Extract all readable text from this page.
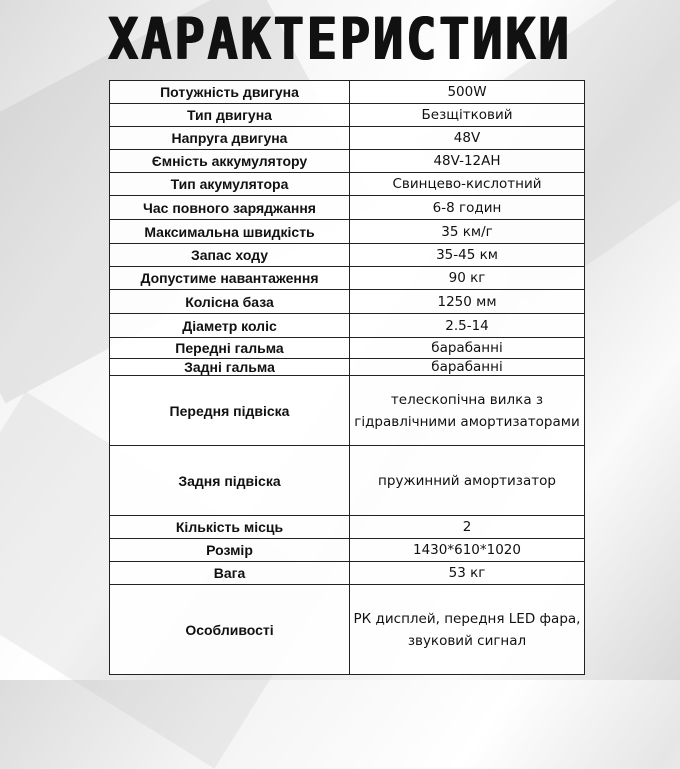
ХАРАКТЕРИСТИКИ
Потужність двигуна	500W
Тип двигуна	Безщітковий
Напруга двигуна	48V
Ємність аккумулятору	48V-12AH
Тип акумулятора	Свинцево-кислотний
Час повного заряджання	6-8 годин
Максимальна швидкість	35 км/г
Запас ходу	35-45 км
Допустиме навантаження	90 кг
Колісна база	1250 мм
Діаметр коліс	2.5-14
Передні гальма	барабанні
Задні гальма	барабанні
Передня підвіска	телескопічна вилка з гідравлічними амортизаторами
Задня підвіска	пружинний амортизатор
Кількість місць	2
Розмір	1430*610*1020
Вага	53 кг
Особливості	РК дисплей, передня LED фара, звуковий сигнал
